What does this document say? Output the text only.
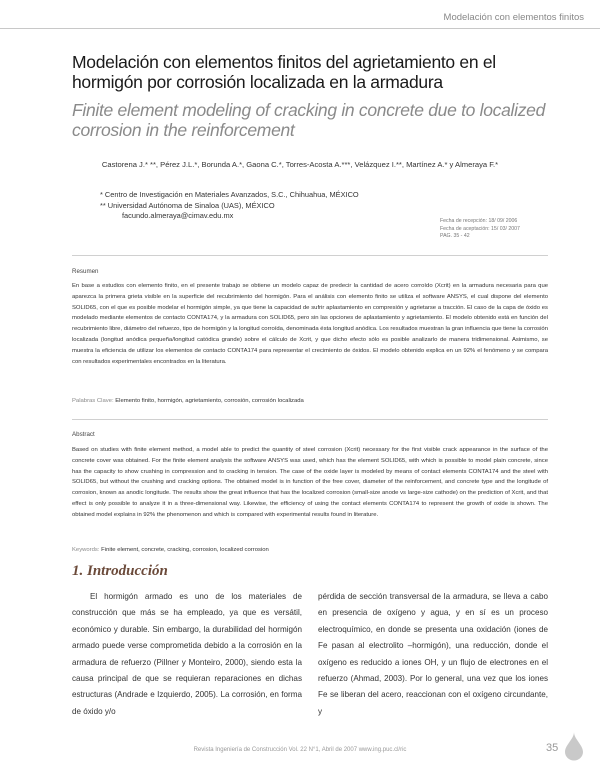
Modelación con elementos finitos
Modelación con elementos finitos del agrietamiento en el hormigón por corrosión localizada en la armadura
Finite element modeling of cracking in concrete due to localized corrosion in the reinforcement
Castorena J.* **, Pérez J.L.*, Borunda A.*, Gaona C.*, Torres-Acosta A.***, Velázquez I.**, Martínez A.* y Almeraya F.*
* Centro de Investigación en Materiales Avanzados, S.C., Chihuahua, MÉXICO
** Universidad Autónoma de Sinaloa (UAS), MÉXICO
facundo.almeraya@cimav.edu.mx
Fecha de recepción: 18/ 09/ 2006
Fecha de aceptación: 15/ 03/ 2007
PAG. 35 - 42
Resumen
En base a estudios con elemento finito, en el presente trabajo se obtiene un modelo capaz de predecir la cantidad de acero corroído (Xcrit) en la armadura necesaria para que aparezca la primera grieta visible en la superficie del recubrimiento del hormigón. Para el análisis con elemento finito se utiliza el software ANSYS, el cual dispone del elemento SOLID65, con el que es posible modelar el hormigón simple, ya que tiene la capacidad de sufrir aplastamiento en compresión y agrietarse a tracción. El caso de la capa de óxido es modelado mediante elementos de contacto CONTA174, y la armadura con SOLID65, pero sin las opciones de aplastamiento y agrietamiento. El modelo obtenido está en función del recubrimiento libre, diámetro del refuerzo, tipo de hormigón y la longitud corroída, denominada ésta longitud anódica. Los resultados muestran la gran influencia que tiene la corrosión localizada (longitud anódica pequeña/longitud catódica grande) sobre el cálculo de Xcrit, y que dicho efecto sólo es posible analizarlo de manera tridimensional. Asimismo, se muestra la eficiencia de utilizar los elementos de contacto CONTA174 para representar el crecimiento de óxidos. El modelo obtenido explica en un 92% el fenómeno y se compara con resultados experimentales encontrados en la literatura.
Palabras Clave: Elemento finito, hormigón, agrietamiento, corrosión, corrosión localizada
Abstract
Based on studies with finite element method, a model able to predict the quantity of steel corrosion (Xcrit) necessary for the first visible crack appearance in the surface of the concrete cover was obtained. For the finite element analysis the software ANSYS was used, which has the element SOLID65, with which is possible to model plain concrete, since has the capacity to show crushing in compression and to cracking in tension. The case of the oxide layer is modeled by means of contact elements CONTA174 and the steel with SOLID65, but without the crushing and cracking options. The obtained model is in function of the free cover, diameter of the reinforcement, and concrete type and the longitude of corrosion, known as anodic longitude. The results show the great influence that has the localized corrosion (small-size anode vs large-size cathode) on the prediction of Xcrit, and that effect is only possible to analyze it in a three-dimensional way. Likewise, the efficiency of using the contact elements CONTA174 to represent the growth of oxide is shown. The obtained model explains in 92% the phenomenon and which is compared with experimental results found in literature.
Keywords: Finite element, concrete, cracking, corrosion, localized corrosion
1. Introducción

El hormigón armado es uno de los materiales de construcción que más se ha empleado, ya que es versátil, económico y durable. Sin embargo, la durabilidad del hormigón armado puede verse comprometida debido a la corrosión en la armadura de refuerzo (Pillner y Monteiro, 2000), siendo esta la causa principal de que se requieran reparaciones en dichas estructuras (Andrade e Izquierdo, 2005). La corrosión, en forma de óxido y/o

pérdida de sección transversal de la armadura, se lleva a cabo en presencia de oxígeno y agua, y en sí es un proceso electroquímico, en donde se presenta una oxidación (iones de Fe pasan al electrolito –hormigón), una reducción, donde el oxígeno es reducido a iones OH, y un flujo de electrones en el refuerzo (Ahmad, 2003). Por lo general, una vez que los iones Fe se liberan del acero, reaccionan con el oxígeno circundante, y

Revista Ingeniería de Construcción Vol. 22 N°1, Abril de 2007 www.ing.puc.cl/ric	35
